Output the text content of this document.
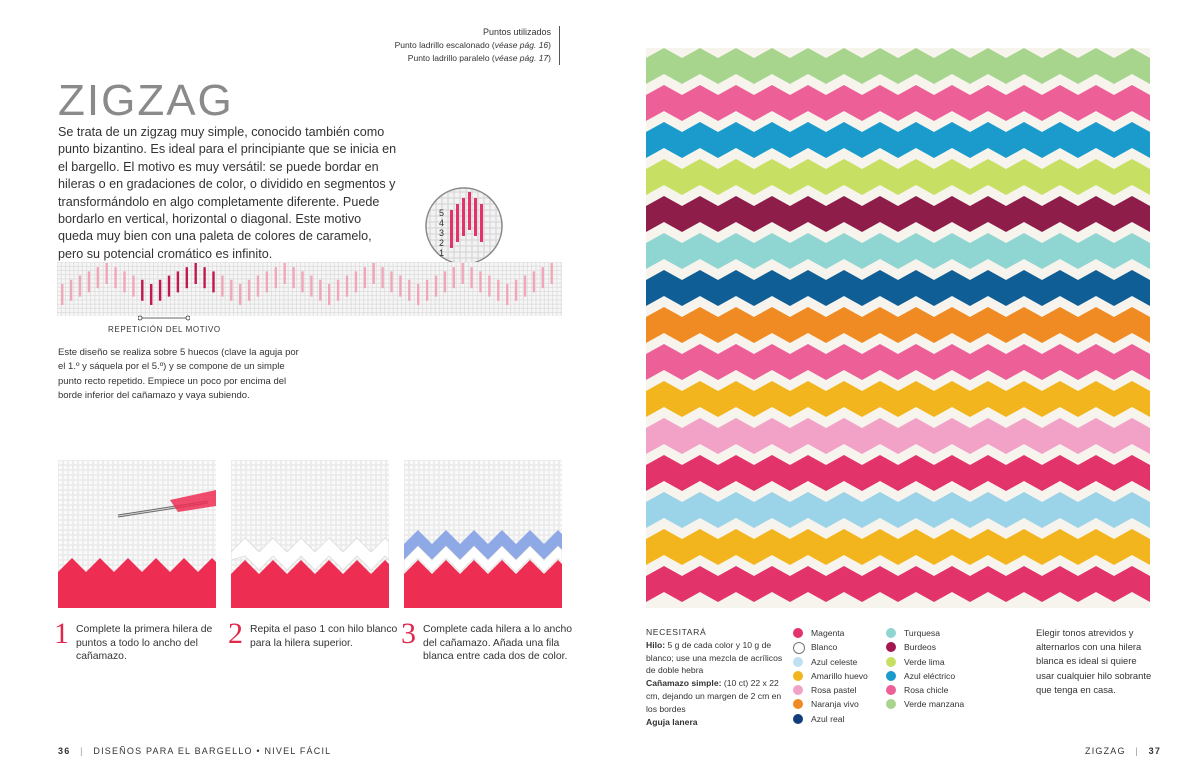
Puntos utilizados
Punto ladrillo escalonado (véase pág. 16)
Punto ladrillo paralelo (véase pág. 17)
ZIGZAG
Se trata de un zigzag muy simple, conocido también como punto bizantino. Es ideal para el principiante que se inicia en el bargello. El motivo es muy versátil: se puede bordar en hileras o en gradaciones de color, o dividido en segmentos y transformándolo en algo completamente diferente. Puede bordarlo en vertical, horizontal o diagonal. Este motivo queda muy bien con una paleta de colores de caramelo, pero su potencial cromático es infinito.
5
4
3
2
1
REPETICIÓN DEL MOTIVO
Este diseño se realiza sobre 5 huecos (clave la aguja por el 1.º y sáquela por el 5.º) y se compone de un simple punto recto repetido. Empiece un poco por encima del borde inferior del cañamazo y vaya subiendo.
1 Complete la primera hilera de puntos a todo lo ancho del cañamazo.
2 Repita el paso 1 con hilo blanco para la hilera superior.	3 Complete cada hilera a lo ancho del cañamazo. Añada una fila blanca entre cada dos de color.
36 | DISEÑOS PARA EL BARGELLO • NIVEL FÁCIL	ZIGZAG | 37
NECESITARÁ
Hilo: 5 g de cada color y 10 g de blanco; use una mezcla de acrílicos de doble hebra
Cañamazo simple: (10 ct) 22 x 22 cm, dejando un margen de 2 cm en los bordes
Aguja lanera
Magenta
Blanco
Azul celeste
Amarillo huevo
Rosa pastel
Naranja vivo
Azul real
Turquesa
Burdeos
Verde lima
Azul eléctrico
Rosa chicle
Verde manzana
Elegir tonos atrevidos y alternarlos con una hilera blanca es ideal si quiere usar cualquier hilo sobrante que tenga en casa.
